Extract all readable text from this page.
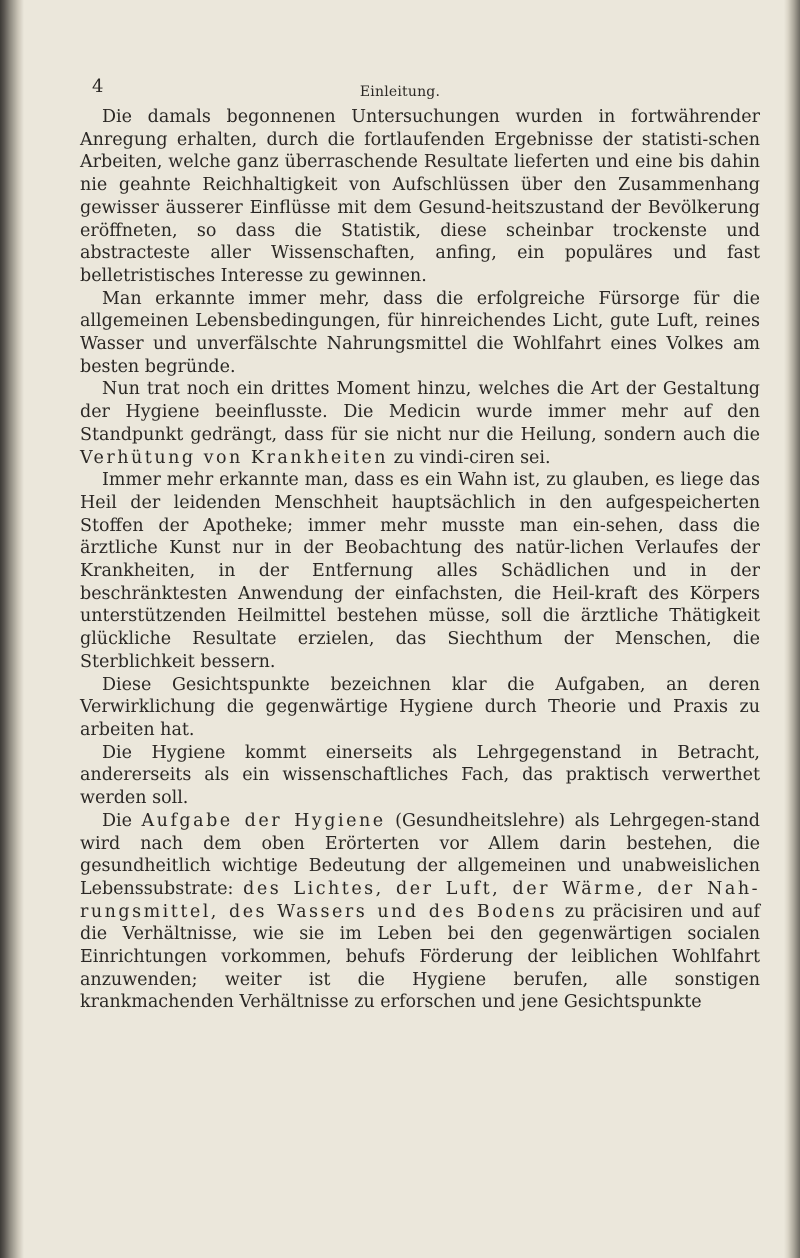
4	Einleitung.

Die damals begonnenen Untersuchungen wurden in fortwährender Anregung erhalten, durch die fortlaufenden Ergebnisse der statisti-schen Arbeiten, welche ganz überraschende Resultate lieferten und eine bis dahin nie geahnte Reichhaltigkeit von Aufschlüssen über den Zusammenhang gewisser äusserer Einflüsse mit dem Gesund-heitszustand der Bevölkerung eröffneten, so dass die Statistik, diese scheinbar trockenste und abstracteste aller Wissenschaften, anfing, ein populäres und fast belletristisches Interesse zu gewinnen.

Man erkannte immer mehr, dass die erfolgreiche Fürsorge für die allgemeinen Lebensbedingungen, für hinreichendes Licht, gute Luft, reines Wasser und unverfälschte Nahrungsmittel die Wohlfahrt eines Volkes am besten begründe.

Nun trat noch ein drittes Moment hinzu, welches die Art der Gestaltung der Hygiene beeinflusste. Die Medicin wurde immer mehr auf den Standpunkt gedrängt, dass für sie nicht nur die Heilung, sondern auch die Verhütung von Krankheiten zu vindi-ciren sei.

Immer mehr erkannte man, dass es ein Wahn ist, zu glauben, es liege das Heil der leidenden Menschheit hauptsächlich in den aufgespeicherten Stoffen der Apotheke; immer mehr musste man ein-sehen, dass die ärztliche Kunst nur in der Beobachtung des natür-lichen Verlaufes der Krankheiten, in der Entfernung alles Schädlichen und in der beschränktesten Anwendung der einfachsten, die Heil-kraft des Körpers unterstützenden Heilmittel bestehen müsse, soll die ärztliche Thätigkeit glückliche Resultate erzielen, das Siechthum der Menschen, die Sterblichkeit bessern.

Diese Gesichtspunkte bezeichnen klar die Aufgaben, an deren Verwirklichung die gegenwärtige Hygiene durch Theorie und Praxis zu arbeiten hat.

Die Hygiene kommt einerseits als Lehrgegenstand in Betracht, andererseits als ein wissenschaftliches Fach, das praktisch verwerthet werden soll.

Die Aufgabe der Hygiene (Gesundheitslehre) als Lehrgegen-stand wird nach dem oben Erörterten vor Allem darin bestehen, die gesundheitlich wichtige Bedeutung der allgemeinen und unabweislichen Lebenssubstrate: des Lichtes, der Luft, der Wärme, der Nah-rungsmittel, des Wassers und des Bodens zu präcisiren und auf die Verhältnisse, wie sie im Leben bei den gegenwärtigen socialen Einrichtungen vorkommen, behufs Förderung der leiblichen Wohlfahrt anzuwenden; weiter ist die Hygiene berufen, alle sonstigen krankmachenden Verhältnisse zu erforschen und jene Gesichtspunkte
